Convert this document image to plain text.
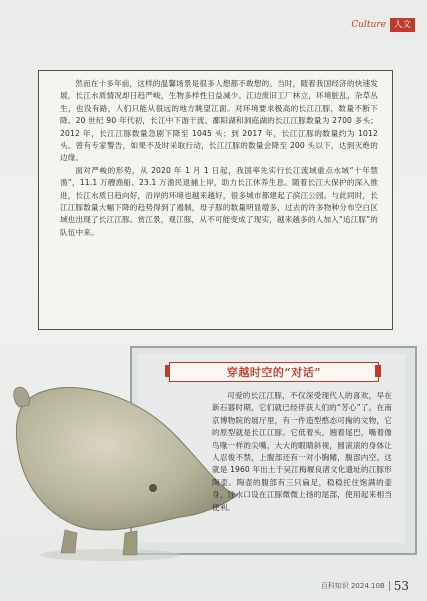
Culture 人文

然而在十多年前，这样的温馨场景是很多人想都不敢想的。当时，随着我国经济的快速发展，长江水质情况却日趋严峻，生物多样性日益减少。江边废旧工厂林立，环境脏乱，杂草丛生，也没有路，人们只能从很远的地方眺望江面。对环境要求极高的长江江豚，数量不断下降。20 世纪 90 年代初，长江中下游干流、鄱阳湖和洞庭湖的长江江豚数量为 2700 多头；2012 年，长江江豚数量急剧下降至 1045 头；到 2017 年，长江江豚的数量约为 1012 头。曾有专家警告，如果不及时采取行动，长江江豚的数量会降至 200 头以下，达到灭绝的边缘。

面对严峻的形势，从 2020 年 1 月 1 日起，我国率先实行长江流域重点水域“十年禁渔”，11.1 万艘渔船、23.1 万渔民退捕上岸，助力长江休养生息。随着长江大保护的深入推进，长江水质日趋向好，沿岸的环境也越来越好，很多城市都建起了滨江公园。与此同时，长江江豚数量大幅下降的趋势得到了遏制，母子豚的数量明显增多，过去的许多物种分布空白区域也出现了长江江豚。赏江景，观江豚，从不可能变成了现实，越来越多的人加入“追江豚”的队伍中来。

穿越时空的“对话”

可爱的长江江豚，不仅深受现代人的喜欢，早在新石器时期，它们就已经俘获人们的“芳心”了。在南京博物院的展厅里，有一件造型憨态可掬的文物，它的原型就是长江江豚。它低着头，翘着尾巴，嘴着像鸟喙一样的尖嘴，大大的眼睛斜视，圆滚滚的身体让人忍俊不禁，上腹部还有一对小胸鳍，腹部内空。这就是 1960 年出土于吴江梅堰良渚文化遗址的江豚形陶壶。陶壶的腹部有三只扁足，稳稳托住饱满的壶身，注水口设在江豚微微上扬的尾部，使用起来相当便利。

百科知识 2024.10B 53
